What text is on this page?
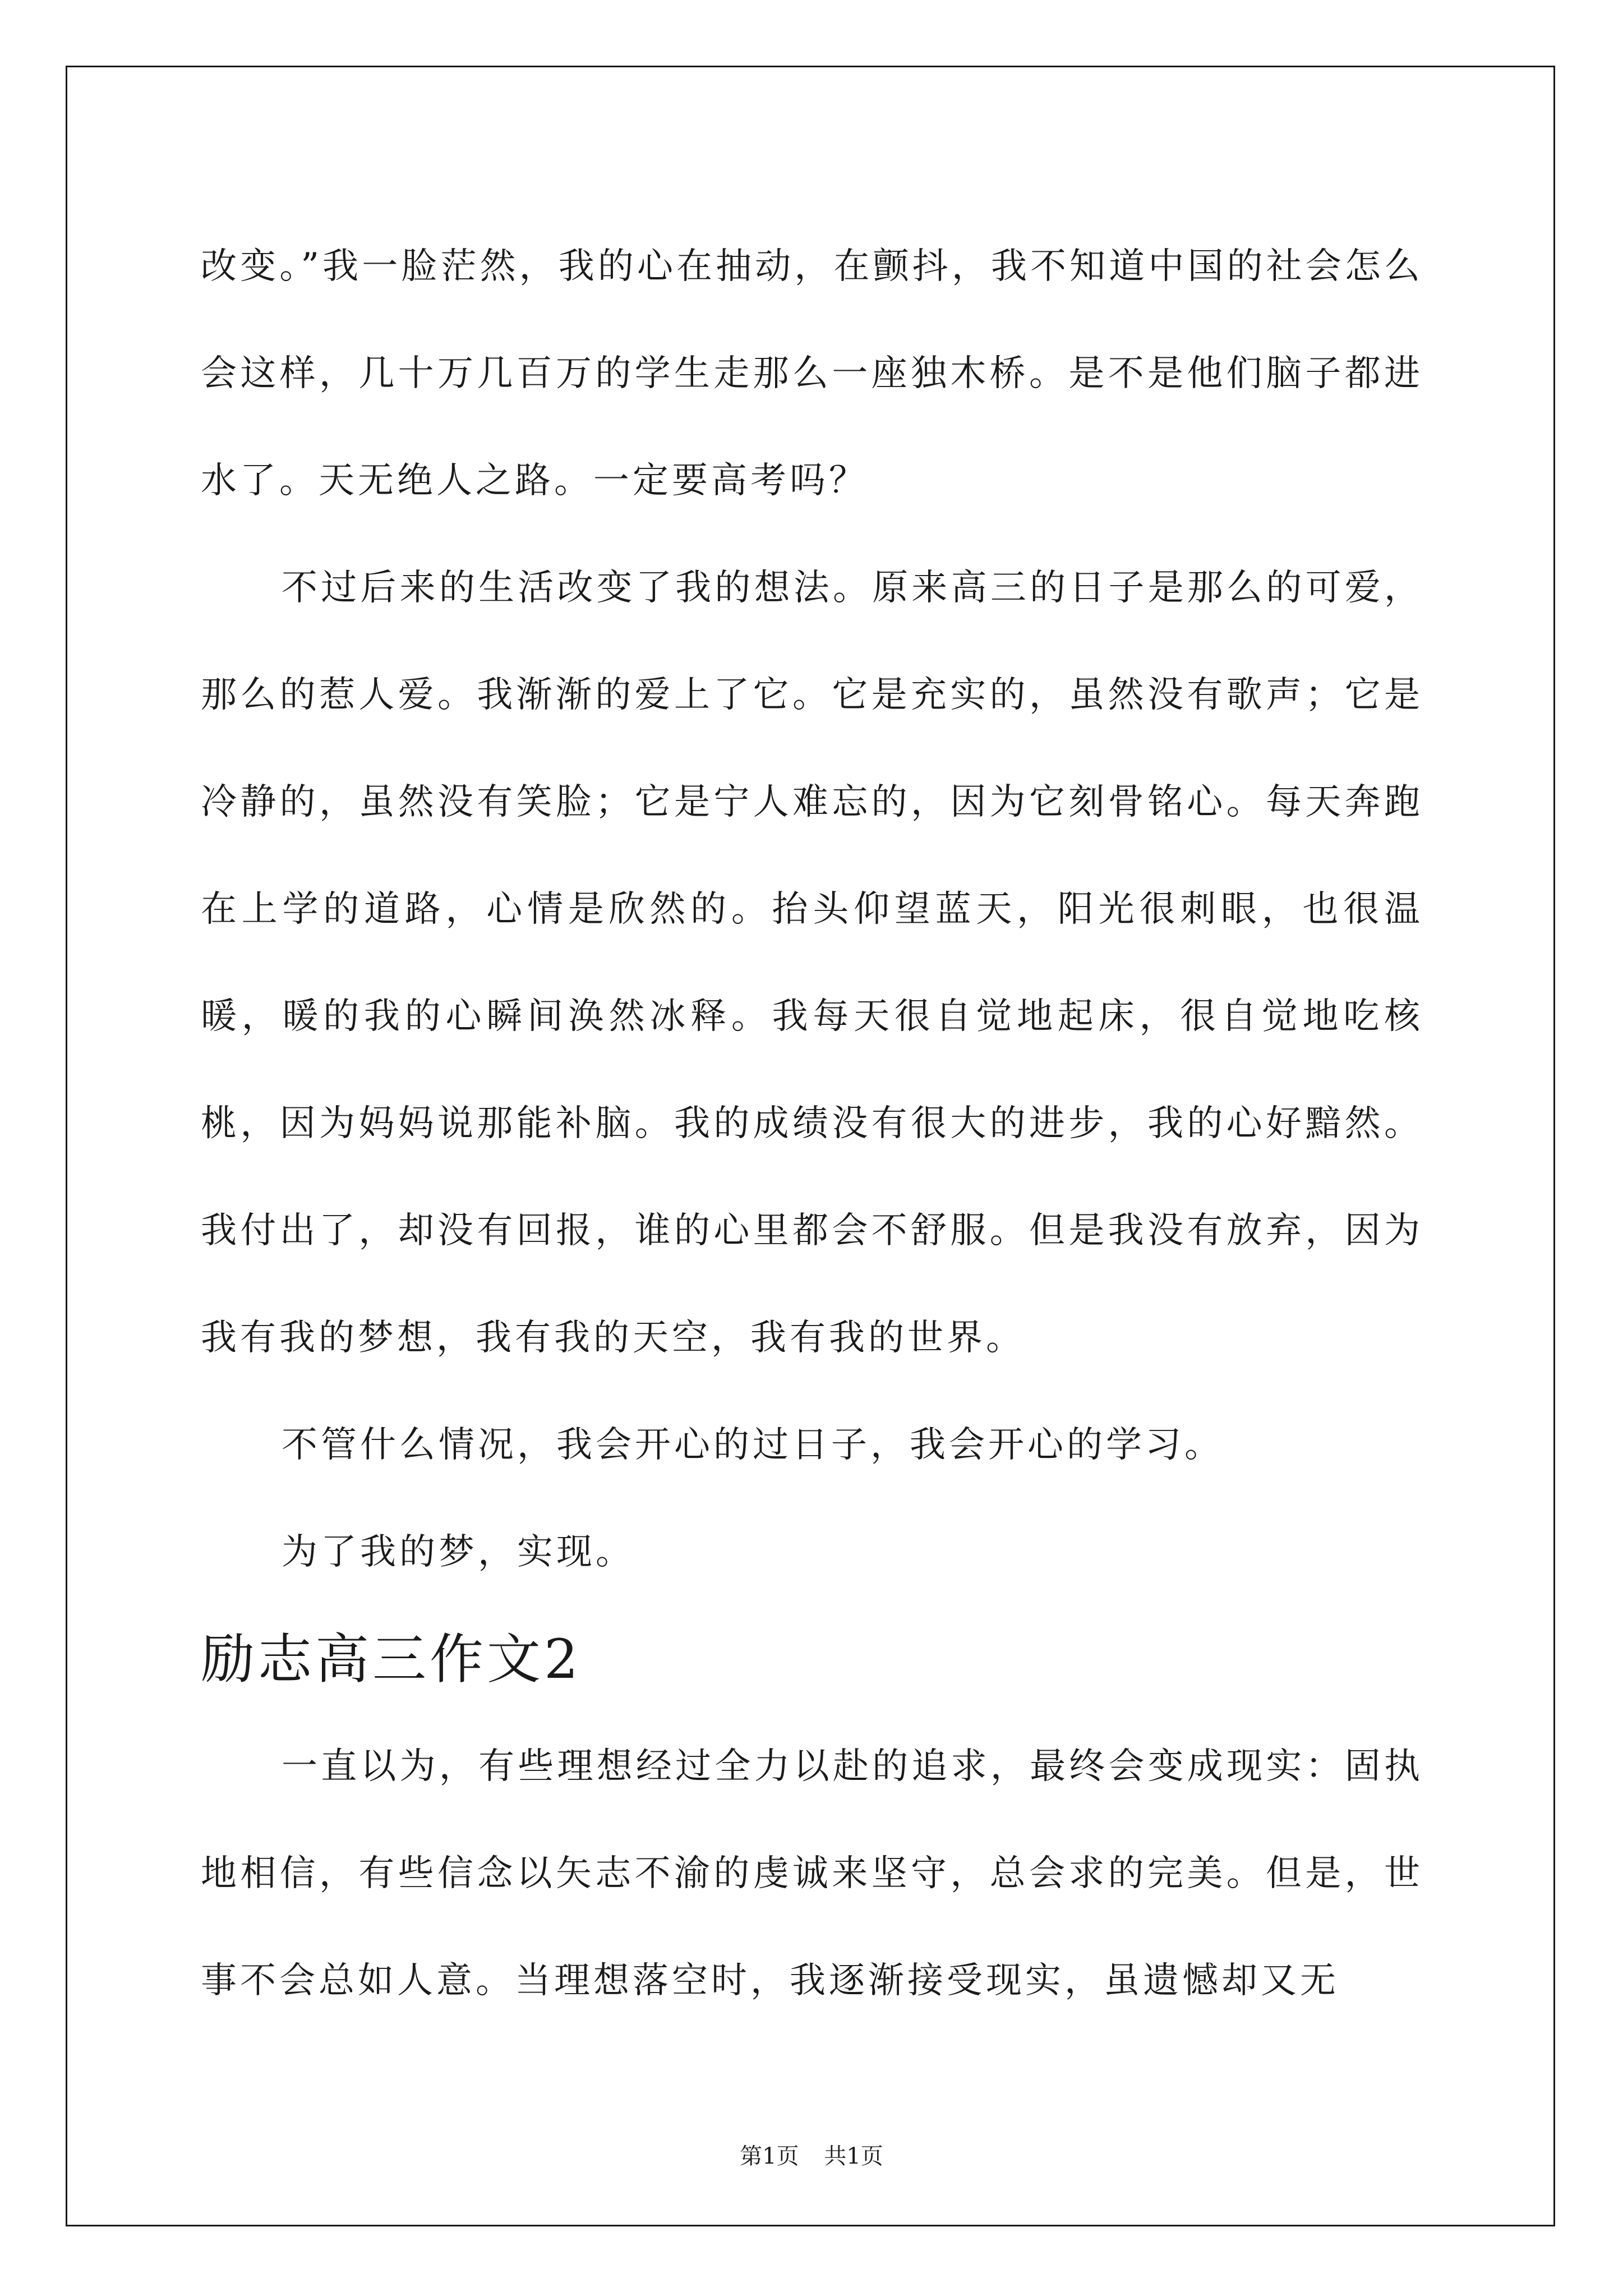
改变。”我一脸茫然，我的心在抽动，在颤抖，我不知道中国的社会怎么会这样，几十万几百万的学生走那么一座独木桥。是不是他们脑子都进水了。天无绝人之路。一定要高考吗？

不过后来的生活改变了我的想法。原来高三的日子是那么的可爱，那么的惹人爱。我渐渐的爱上了它。它是充实的，虽然没有歌声；它是冷静的，虽然没有笑脸；它是宁人难忘的，因为它刻骨铭心。每天奔跑在上学的道路，心情是欣然的。抬头仰望蓝天，阳光很刺眼，也很温暖，暖的我的心瞬间涣然冰释。我每天很自觉地起床，很自觉地吃核桃，因为妈妈说那能补脑。我的成绩没有很大的进步，我的心好黯然。我付出了，却没有回报，谁的心里都会不舒服。但是我没有放弃，因为我有我的梦想，我有我的天空，我有我的世界。

不管什么情况，我会开心的过日子，我会开心的学习。

为了我的梦，实现。

励志高三作文2

一直以为，有些理想经过全力以赴的追求，最终会变成现实：固执地相信，有些信念以矢志不渝的虔诚来坚守，总会求的完美。但是，世事不会总如人意。当理想落空时，我逐渐接受现实，虽遗憾却又无

第1页 共1页
